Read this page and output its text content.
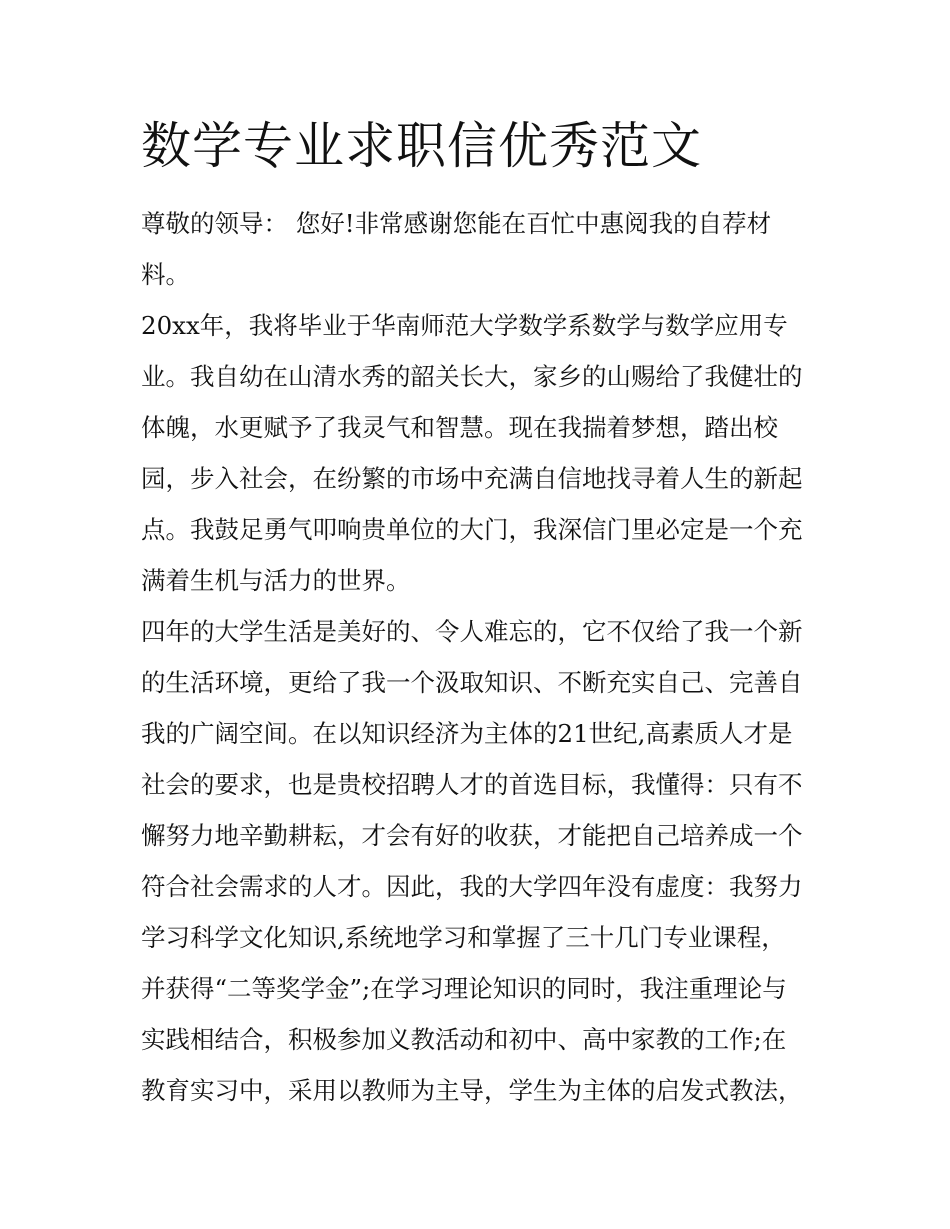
数学专业求职信优秀范文
尊敬的领导： 您好!非常感谢您能在百忙中惠阅我的自荐材
料。
20xx年，我将毕业于华南师范大学数学系数学与数学应用专
业。我自幼在山清水秀的韶关长大，家乡的山赐给了我健壮的
体魄，水更赋予了我灵气和智慧。现在我揣着梦想，踏出校
园，步入社会，在纷繁的市场中充满自信地找寻着人生的新起
点。我鼓足勇气叩响贵单位的大门，我深信门里必定是一个充
满着生机与活力的世界。
四年的大学生活是美好的、令人难忘的，它不仅给了我一个新
的生活环境，更给了我一个汲取知识、不断充实自己、完善自
我的广阔空间。在以知识经济为主体的21世纪,高素质人才是
社会的要求，也是贵校招聘人才的首选目标，我懂得：只有不
懈努力地辛勤耕耘，才会有好的收获，才能把自己培养成一个
符合社会需求的人才。因此，我的大学四年没有虚度：我努力
学习科学文化知识,系统地学习和掌握了三十几门专业课程，
并获得“二等奖学金”;在学习理论知识的同时，我注重理论与
实践相结合，积极参加义教活动和初中、高中家教的工作;在
教育实习中，采用以教师为主导，学生为主体的启发式教法，
